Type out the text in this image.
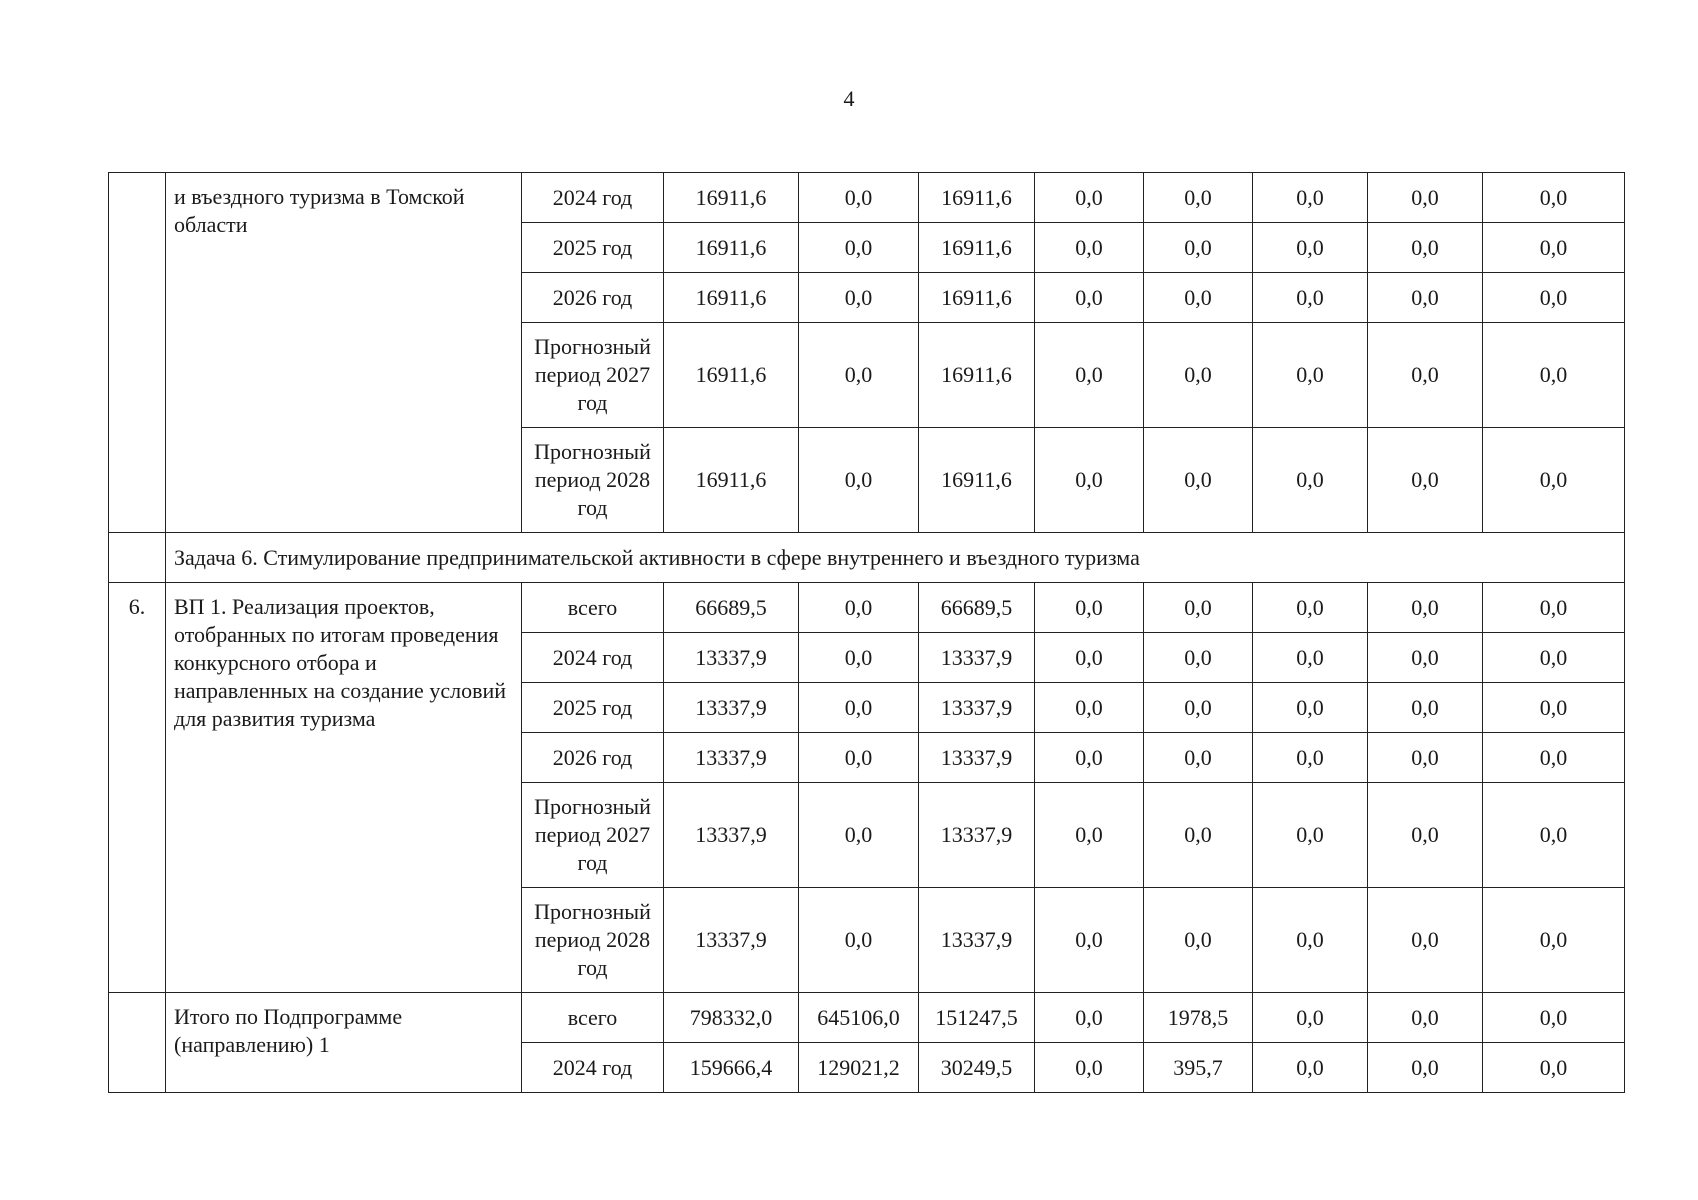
4
	и въездного туризма в Томской области	2024 год	16911,6	0,0	16911,6	0,0	0,0	0,0	0,0	0,0
		2025 год	16911,6	0,0	16911,6	0,0	0,0	0,0	0,0	0,0
		2026 год	16911,6	0,0	16911,6	0,0	0,0	0,0	0,0	0,0
		Прогнозный период 2027 год	16911,6	0,0	16911,6	0,0	0,0	0,0	0,0	0,0
		Прогнозный период 2028 год	16911,6	0,0	16911,6	0,0	0,0	0,0	0,0	0,0
	Задача 6. Стимулирование предпринимательской активности в сфере внутреннего и въездного туризма									
6.	ВП 1. Реализация проектов, отобранных по итогам проведения конкурсного отбора и направленных на создание условий для развития туризма	всего	66689,5	0,0	66689,5	0,0	0,0	0,0	0,0	0,0
		2024 год	13337,9	0,0	13337,9	0,0	0,0	0,0	0,0	0,0
		2025 год	13337,9	0,0	13337,9	0,0	0,0	0,0	0,0	0,0
		2026 год	13337,9	0,0	13337,9	0,0	0,0	0,0	0,0	0,0
		Прогнозный период 2027 год	13337,9	0,0	13337,9	0,0	0,0	0,0	0,0	0,0
		Прогнозный период 2028 год	13337,9	0,0	13337,9	0,0	0,0	0,0	0,0	0,0
	Итого по Подпрограмме (направлению) 1	всего	798332,0	645106,0	151247,5	0,0	1978,5	0,0	0,0	0,0
		2024 год	159666,4	129021,2	30249,5	0,0	395,7	0,0	0,0	0,0
